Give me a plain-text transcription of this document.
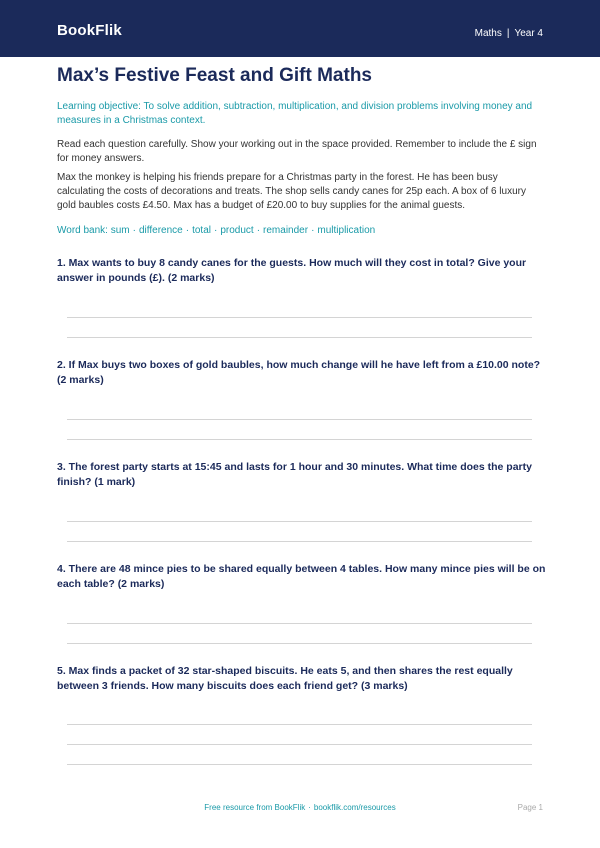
BookFlik	Maths | Year 4
Max’s Festive Feast and Gift Maths

Learning objective: To solve addition, subtraction, multiplication, and division problems involving money and measures in a Christmas context.

Read each question carefully. Show your working out in the space provided. Remember to include the £ sign for money answers.

Max the monkey is helping his friends prepare for a Christmas party in the forest. He has been busy calculating the costs of decorations and treats. The shop sells candy canes for 25p each. A box of 6 luxury gold baubles costs £4.50. Max has a budget of £20.00 to buy supplies for the animal guests.

Word bank: sum · difference · total · product · remainder · multiplication

1. Max wants to buy 8 candy canes for the guests. How much will they cost in total? Give your answer in pounds (£). (2 marks)

2. If Max buys two boxes of gold baubles, how much change will he have left from a £10.00 note? (2 marks)

3. The forest party starts at 15:45 and lasts for 1 hour and 30 minutes. What time does the party finish? (1 mark)

4. There are 48 mince pies to be shared equally between 4 tables. How many mince pies will be on each table? (2 marks)

5. Max finds a packet of 32 star-shaped biscuits. He eats 5, and then shares the rest equally between 3 friends. How many biscuits does each friend get? (3 marks)

Free resource from BookFlik · bookflik.com/resources	Page 1
